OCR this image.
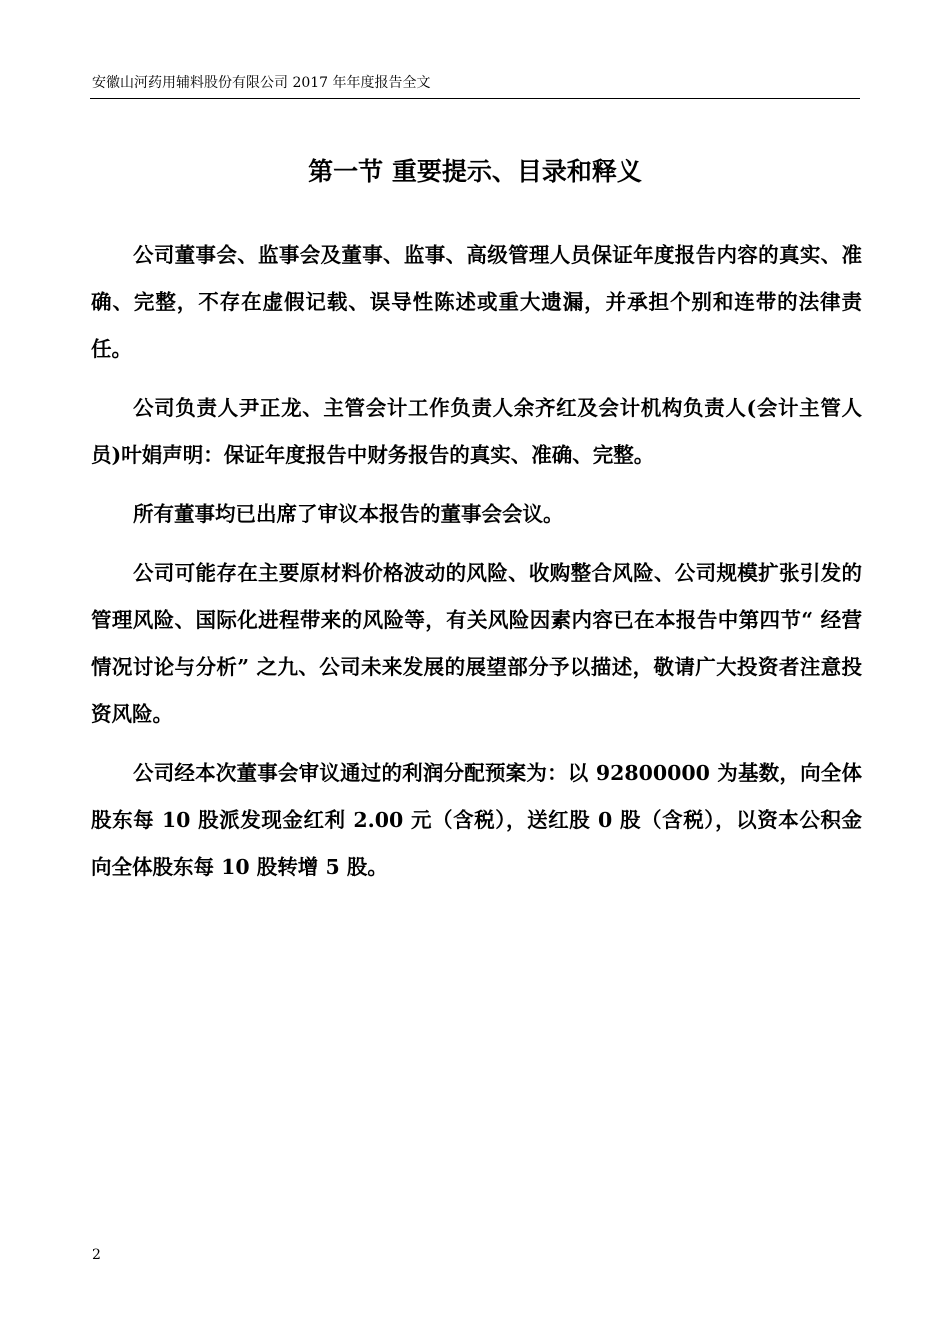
安徽山河药用辅料股份有限公司 2017 年年度报告全文
第一节 重要提示、目录和释义

公司董事会、监事会及董事、监事、高级管理人员保证年度报告内容的真实、准确、完整，不存在虚假记载、误导性陈述或重大遗漏，并承担个别和连带的法律责任。

公司负责人尹正龙、主管会计工作负责人余齐红及会计机构负责人(会计主管人员)叶娟声明：保证年度报告中财务报告的真实、准确、完整。

所有董事均已出席了审议本报告的董事会会议。

公司可能存在主要原材料价格波动的风险、收购整合风险、公司规模扩张引发的管理风险、国际化进程带来的风险等，有关风险因素内容已在本报告中第四节“ 经营情况讨论与分析” 之九、公司未来发展的展望部分予以描述，敬请广大投资者注意投资风险。

公司经本次董事会审议通过的利润分配预案为：以 92800000 为基数，向全体股东每 10 股派发现金红利 2.00 元（含税），送红股 0 股（含税），以资本公积金向全体股东每 10 股转增 5 股。

2
